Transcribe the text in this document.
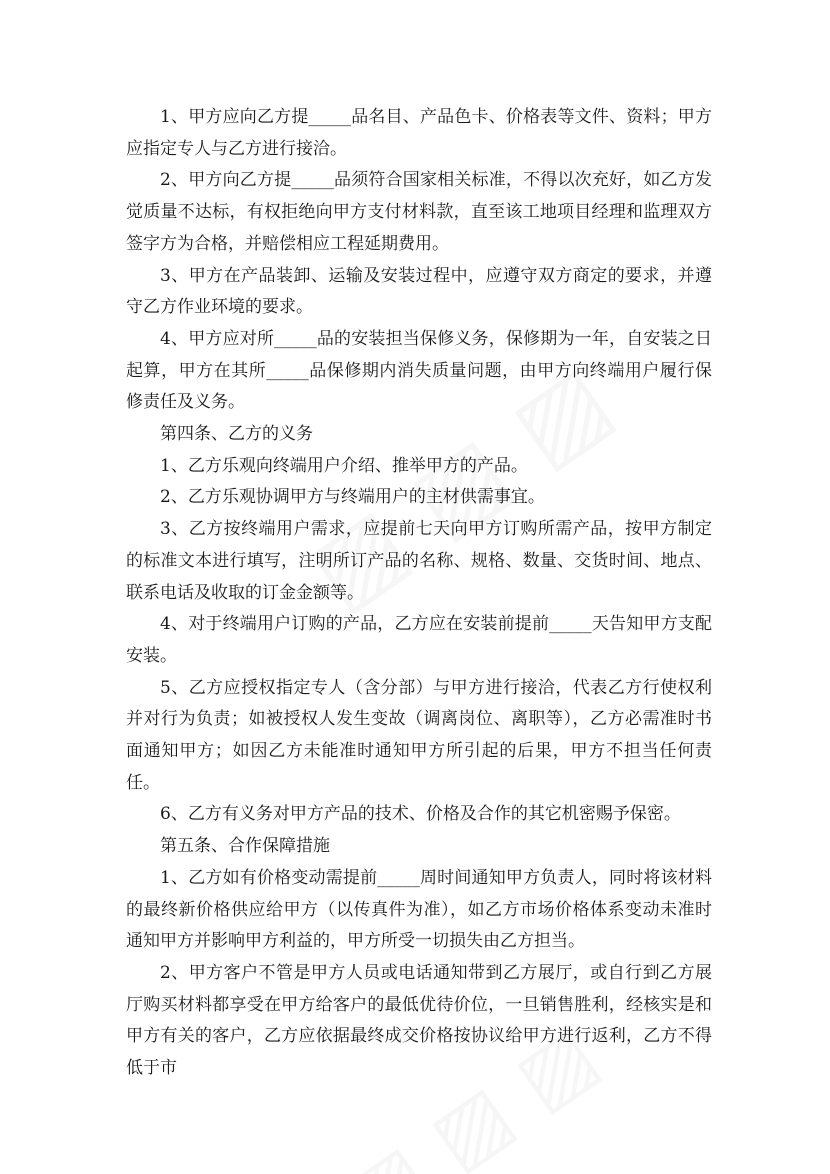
1、甲方应向乙方提_____品名目、产品色卡、价格表等文件、资料；甲方应指定专人与乙方进行接洽。

2、甲方向乙方提_____品须符合国家相关标准，不得以次充好，如乙方发觉质量不达标，有权拒绝向甲方支付材料款，直至该工地项目经理和监理双方签字方为合格，并赔偿相应工程延期费用。

3、甲方在产品装卸、运输及安装过程中，应遵守双方商定的要求，并遵守乙方作业环境的要求。

4、甲方应对所_____品的安装担当保修义务，保修期为一年，自安装之日起算，甲方在其所_____品保修期内消失质量问题，由甲方向终端用户履行保修责任及义务。

第四条、乙方的义务

1、乙方乐观向终端用户介绍、推举甲方的产品。

2、乙方乐观协调甲方与终端用户的主材供需事宜。

3、乙方按终端用户需求，应提前七天向甲方订购所需产品，按甲方制定的标准文本进行填写，注明所订产品的名称、规格、数量、交货时间、地点、联系电话及收取的订金金额等。

4、对于终端用户订购的产品，乙方应在安装前提前_____天告知甲方支配安装。

5、乙方应授权指定专人（含分部）与甲方进行接洽，代表乙方行使权利并对行为负责；如被授权人发生变故（调离岗位、离职等），乙方必需准时书面通知甲方；如因乙方未能准时通知甲方所引起的后果，甲方不担当任何责任。

6、乙方有义务对甲方产品的技术、价格及合作的其它机密赐予保密。

第五条、合作保障措施

1、乙方如有价格变动需提前_____周时间通知甲方负责人，同时将该材料的最终新价格供应给甲方（以传真件为准），如乙方市场价格体系变动未准时通知甲方并影响甲方利益的，甲方所受一切损失由乙方担当。

2、甲方客户不管是甲方人员或电话通知带到乙方展厅，或自行到乙方展厅购买材料都享受在甲方给客户的最低优待价位，一旦销售胜利，经核实是和甲方有关的客户，乙方应依据最终成交价格按协议给甲方进行返利，乙方不得低于市
